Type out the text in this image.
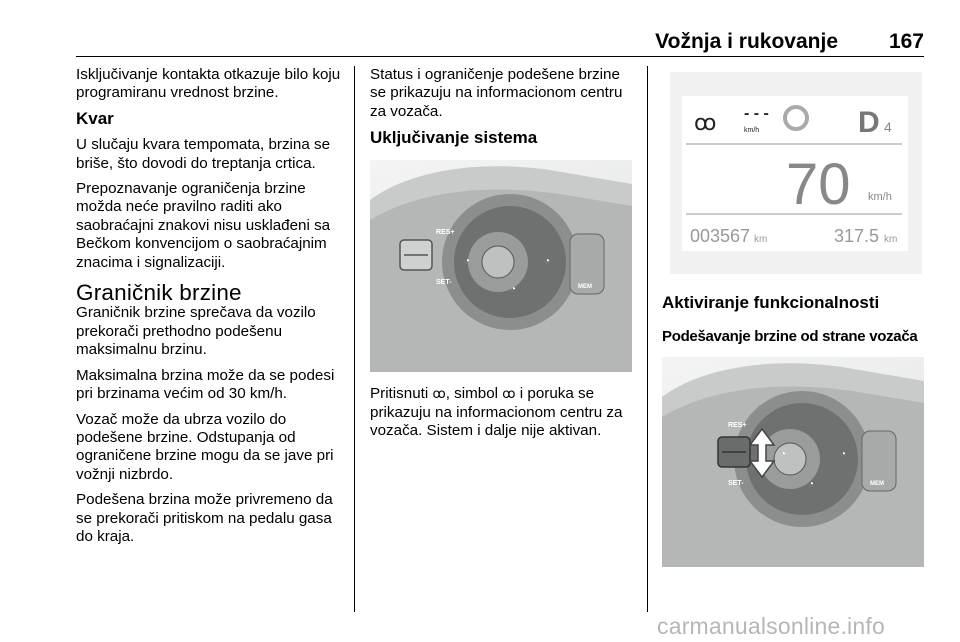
Vožnja i rukovanje 167

Isključivanje kontakta otkazuje bilo koju programiranu vrednost brzine.

Kvar

U slučaju kvara tempomata, brzina se briše, što dovodi do treptanja crtica.

Prepoznavanje ograničenja brzine možda neće pravilno raditi ako saobraćajni znakovi nisu usklađeni sa Bečkom konvencijom o saobraćajnim znacima i signalizaciji.

Graničnik brzine

Graničnik brzine sprečava da vozilo prekorači prethodno podešenu maksimalnu brzinu.

Maksimalna brzina može da se podesi pri brzinama većim od 30 km/h.

Vozač može da ubrza vozilo do podešene brzine. Odstupanja od ograničene brzine mogu da se jave pri vožnji nizbrdo.

Podešena brzina može privremeno da se prekorači pritiskom na pedalu gasa do kraja.

Status i ograničenje podešene brzine se prikazuju na informacionom centru za vozača.

Uključivanje sistema
RES+
SET-
MEM
◔	◔
◔

Pritisnuti ꝏ, simbol ꝏ i poruka se prikazuju na informacionom centru za vozača. Sistem i dalje nije aktivan.

ꝏ - - -
km/h	D 4
70 km/h
003567 km	317.5 km
Aktiviranje funkcionalnosti
Podešavanje brzine od strane vozača
RES+
SET-	MEM
◔	◔
◔
carmanualsonline.info
